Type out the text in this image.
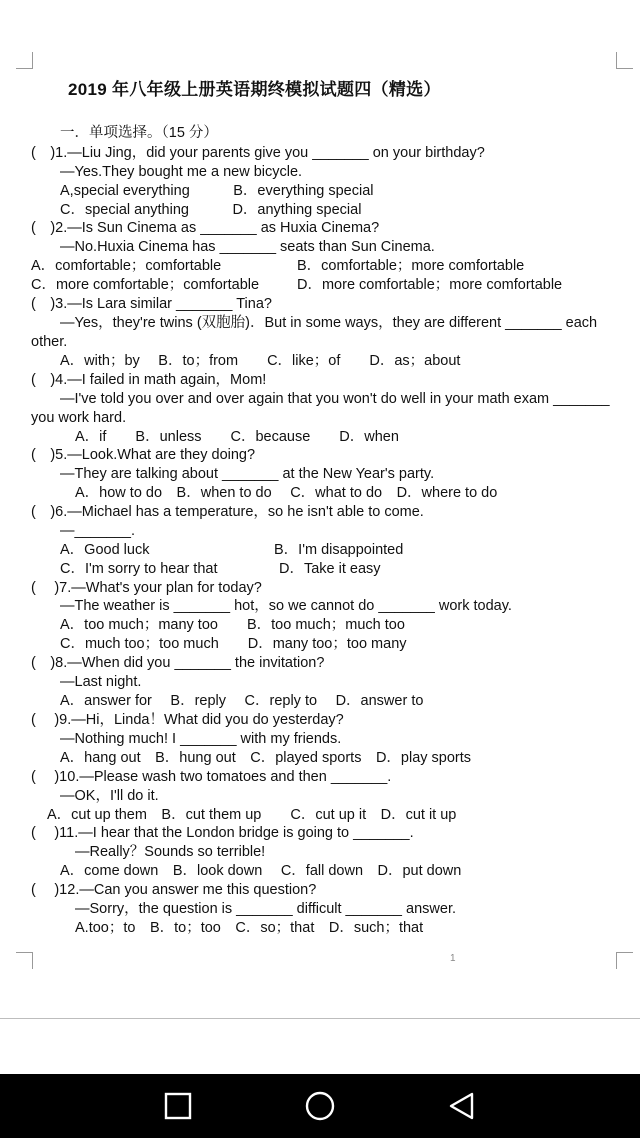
2019 年八年级上册英语期终模拟试题四（精选）
一．单项选择。（15 分）
(　)1.—Liu Jing，did your parents give you _______ on your birthday?
—Yes.They bought me a new bicycle.
A,special everything　　　B．everything special
C．special anything　　　D．anything special
(　)2.—Is Sun Cinema as _______ as Huxia Cinema?
—No.Huxia Cinema has _______ seats than Sun Cinema.
A．comfortable；comfortable	B．comfortable；more comfortable
C．more comfortable；comfortable	D．more comfortable；more comfortable
(　)3.—Is Lara similar _______ Tina?
—Yes，they're twins (双胞胎)．But in some ways，they are different _______ each
other.
A．with；by　 B．to；from　　C．like；of　　D．as；about
(　)4.—I failed in math again，Mom!
—I've told you over and over again that you won't do well in your math exam _______
you work hard.
A．if　　B．unless　　C．because　　D．when
(　)5.—Look.What are they doing?
—They are talking about _______ at the New Year's party.
A．how to do　B．when to do　 C．what to do　D．where to do
(　)6.—Michael has a temperature，so he isn't able to come.
—_______.
A．Good luck	B．I'm disappointed
C．I'm sorry to hear that	D．Take it easy
(　 )7.—What's your plan for today?
—The weather is _______ hot，so we cannot do _______ work today.
A．too much；many too　　B．too much；much too
C．much too；too much　　D．many too；too many
(　)8.—When did you _______ the invitation?
—Last night.
A．answer for　 B．reply　 C．reply to　 D．answer to
(　 )9.—Hi，Linda！What did you do yesterday?
—Nothing much! I _______ with my friends.
A．hang out　B．hung out　C．played sports　D．play sports
(　 )10.—Please wash two tomatoes and then _______.
—OK，I'll do it.
A．cut up them　B．cut them up　　C．cut up it　D．cut it up
(　 )11.—I hear that the London bridge is going to _______.
—Really？Sounds so terrible!
A．come down　B．look down　 C．fall down　D．put down
(　 )12.—Can you answer me this question?
—Sorry，the question is _______ difficult _______ answer.
A.too；to　B．to；too　C．so；that　D．such；that
1
